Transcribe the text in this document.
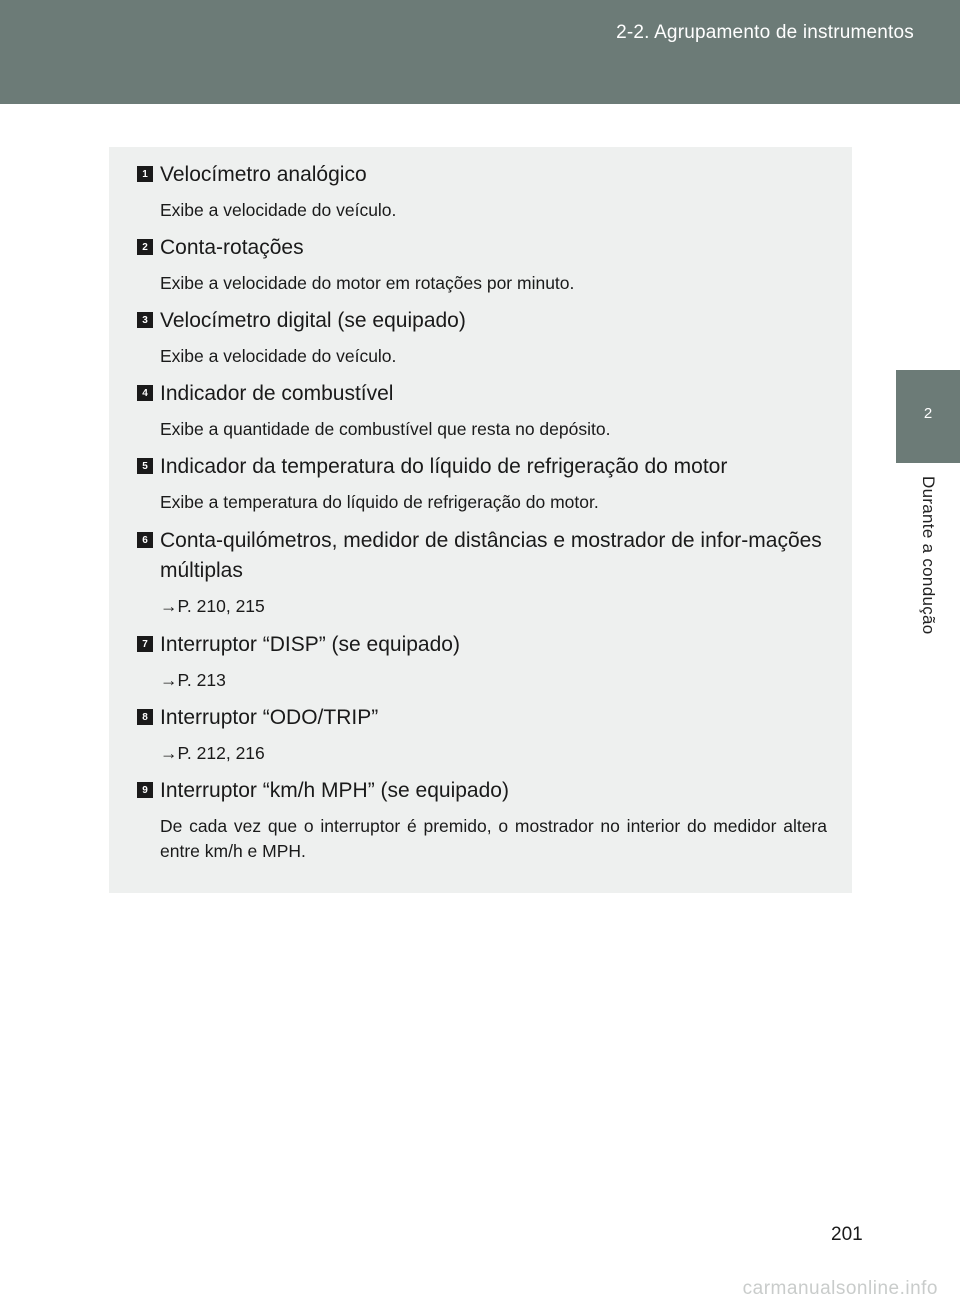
2-2. Agrupamento de instrumentos
2
Durante a condução
1 Velocímetro analógico
Exibe a velocidade do veículo.
2 Conta-rotações
Exibe a velocidade do motor em rotações por minuto.
3 Velocímetro digital (se equipado)
Exibe a velocidade do veículo.
4 Indicador de combustível
Exibe a quantidade de combustível que resta no depósito.
5 Indicador da temperatura do líquido de refrigeração do motor
Exibe a temperatura do líquido de refrigeração do motor.
6 Conta-quilómetros, medidor de distâncias e mostrador de infor-mações múltiplas
→P. 210, 215
7 Interruptor “DISP” (se equipado)
→P. 213
8 Interruptor “ODO/TRIP”
→P. 212, 216
9 Interruptor “km/h MPH” (se equipado)
De cada vez que o interruptor é premido, o mostrador no interior do medidor altera entre km/h e MPH.
201
carmanualsonline.info
